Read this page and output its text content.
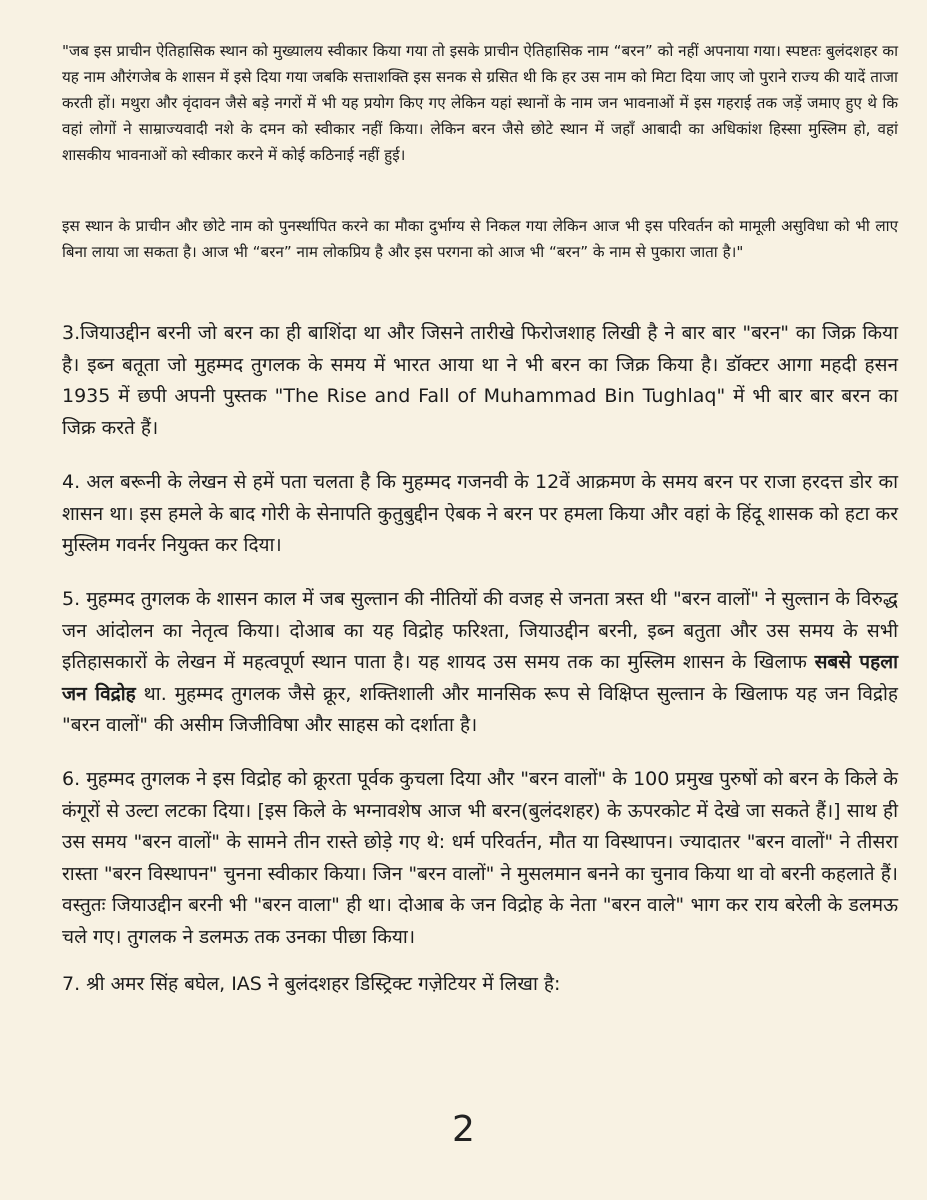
"जब इस प्राचीन ऐतिहासिक स्थान को मुख्यालय स्वीकार किया गया तो इसके प्राचीन ऐतिहासिक नाम “बरन” को नहीं अपनाया गया। स्पष्टतः बुलंदशहर का यह नाम औरंगजेब के शासन में इसे दिया गया जबकि सत्ताशक्ति इस सनक से ग्रसित थी कि हर उस नाम को मिटा दिया जाए जो पुराने राज्य की यादें ताजा करती हों। मथुरा और वृंदावन जैसे बड़े नगरों में भी यह प्रयोग किए गए लेकिन यहां स्थानों के नाम जन भावनाओं में इस गहराई तक जड़ें जमाए हुए थे कि वहां लोगों ने साम्राज्यवादी नशे के दमन को स्वीकार नहीं किया। लेकिन बरन जैसे छोटे स्थान में जहाँ आबादी का अधिकांश हिस्सा मुस्लिम हो, वहां शासकीय भावनाओं को स्वीकार करने में कोई कठिनाई नहीं हुई।

इस स्थान के प्राचीन और छोटे नाम को पुनर्स्थापित करने का मौका दुर्भाग्य से निकल गया लेकिन आज भी इस परिवर्तन को मामूली असुविधा को भी लाए बिना लाया जा सकता है। आज भी “बरन” नाम लोकप्रिय है और इस परगना को आज भी “बरन” के नाम से पुकारा जाता है।"

3.जियाउद्दीन बरनी जो बरन का ही बाशिंदा था और जिसने तारीखे फिरोजशाह लिखी है ने बार बार "बरन" का जिक्र किया है। इब्न बतूता जो मुहम्मद तुगलक के समय में भारत आया था ने भी बरन का जिक्र किया है। डॉक्टर आगा महदी हसन 1935 में छपी अपनी पुस्तक "The Rise and Fall of Muhammad Bin Tughlaq" में भी बार बार बरन का जिक्र करते हैं।

4. अल बरूनी के लेखन से हमें पता चलता है कि मुहम्मद गजनवी के 12वें आक्रमण के समय बरन पर राजा हरदत्त डोर का शासन था। इस हमले के बाद गोरी के सेनापति कुतुबुद्दीन ऐबक ने बरन पर हमला किया और वहां के हिंदू शासक को हटा कर मुस्लिम गवर्नर नियुक्त कर दिया।

5. मुहम्मद तुगलक के शासन काल में जब सुल्तान की नीतियों की वजह से जनता त्रस्त थी "बरन वालों" ने सुल्तान के विरुद्ध जन आंदोलन का नेतृत्व किया। दोआब का यह विद्रोह फरिश्ता, जियाउद्दीन बरनी, इब्न बतुता और उस समय के सभी इतिहासकारों के लेखन में महत्वपूर्ण स्थान पाता है। यह शायद उस समय तक का मुस्लिम शासन के खिलाफ सबसे पहला जन विद्रोह था. मुहम्मद तुगलक जैसे क्रूर, शक्तिशाली और मानसिक रूप से विक्षिप्त सुल्तान के खिलाफ यह जन विद्रोह "बरन वालों" की असीम जिजीविषा और साहस को दर्शाता है।

6. मुहम्मद तुगलक ने इस विद्रोह को क्रूरता पूर्वक कुचला दिया और "बरन वालों" के 100 प्रमुख पुरुषों को बरन के किले के कंगूरों से उल्टा लटका दिया। [इस किले के भग्नावशेष आज भी बरन(बुलंदशहर) के ऊपरकोट में देखे जा सकते हैं।] साथ ही उस समय "बरन वालों" के सामने तीन रास्ते छोड़े गए थे: धर्म परिवर्तन, मौत या विस्थापन। ज्यादातर "बरन वालों" ने तीसरा रास्ता "बरन विस्थापन" चुनना स्वीकार किया। जिन "बरन वालों" ने मुसलमान बनने का चुनाव किया था वो बरनी कहलाते हैं। वस्तुतः जियाउद्दीन बरनी भी "बरन वाला" ही था। दोआब के जन विद्रोह के नेता "बरन वाले" भाग कर राय बरेली के डलमऊ चले गए। तुगलक ने डलमऊ तक उनका पीछा किया।

7. श्री अमर सिंह बघेल, IAS ने बुलंदशहर डिस्ट्रिक्ट गज़ेटियर में लिखा है:

2
